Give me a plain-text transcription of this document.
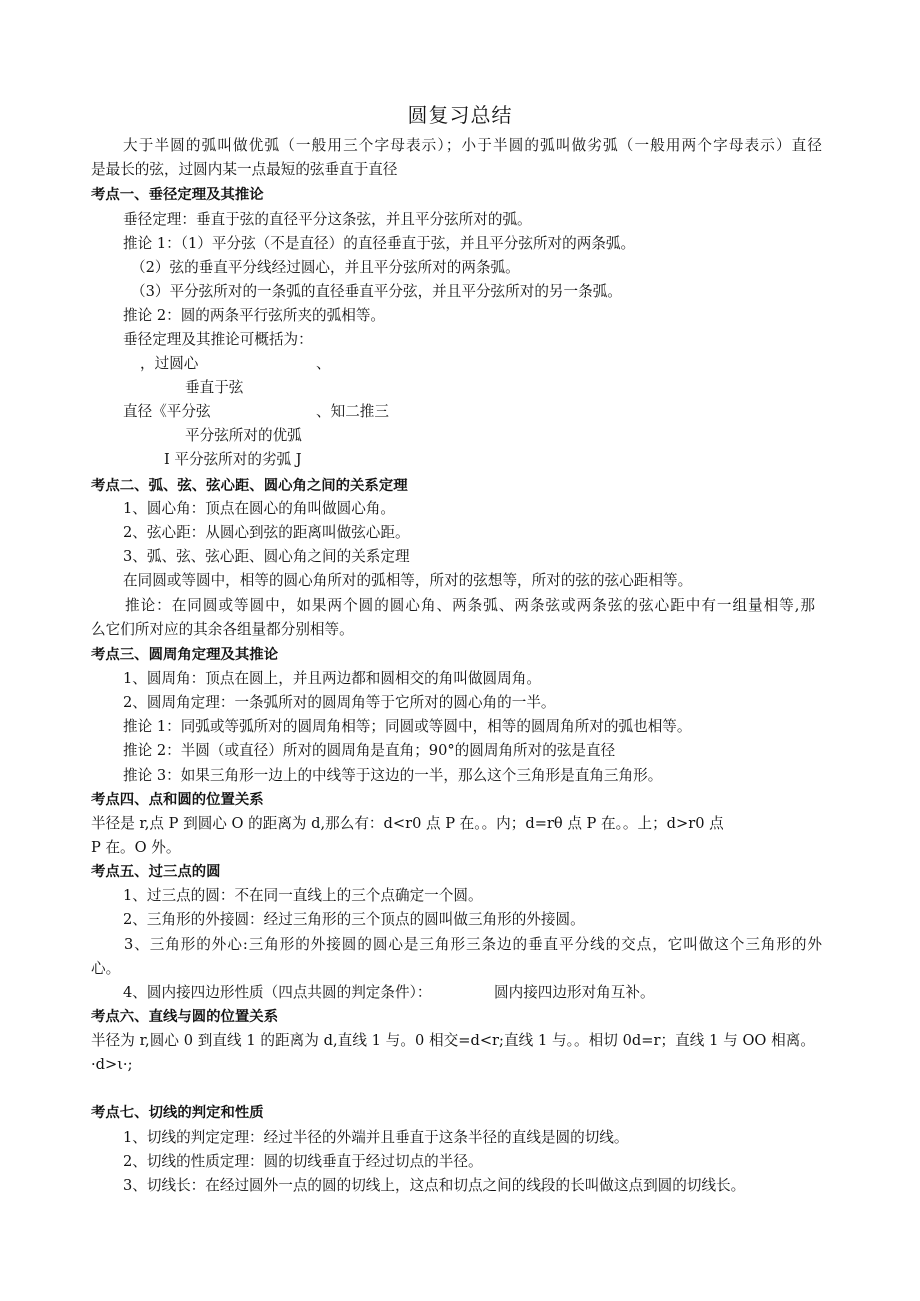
圆复习总结
大于半圆的弧叫做优弧（一般用三个字母表示）；小于半圆的弧叫做劣弧（一般用两个字母表示）直径
是最长的弦，过圆内某一点最短的弦垂直于直径
考点一、垂径定理及其推论
垂径定理：垂直于弦的直径平分这条弦，并且平分弦所对的弧。
推论 1：（1）平分弦（不是直径）的直径垂直于弦，并且平分弦所对的两条弧。
（2）弦的垂直平分线经过圆心，并且平分弦所对的两条弧。
（3）平分弦所对的一条弧的直径垂直平分弦，并且平分弦所对的另一条弧。
推论 2：圆的两条平行弦所夹的弧相等。
垂径定理及其推论可概括为：
，过圆心	、
垂直于弦
直径《平分弦	、知二推三
平分弦所对的优弧
I 平分弦所对的劣弧 J
考点二、弧、弦、弦心距、圆心角之间的关系定理
1、圆心角：顶点在圆心的角叫做圆心角。
2、弦心距：从圆心到弦的距离叫做弦心距。
3、弧、弦、弦心距、圆心角之间的关系定理
在同圆或等圆中，相等的圆心角所对的弧相等，所对的弦想等，所对的弦的弦心距相等。
推论：在同圆或等圆中，如果两个圆的圆心角、两条弧、两条弦或两条弦的弦心距中有一组量相等,那
么它们所对应的其余各组量都分别相等。
考点三、圆周角定理及其推论
1、圆周角：顶点在圆上，并且两边都和圆相交的角叫做圆周角。
2、圆周角定理：一条弧所对的圆周角等于它所对的圆心角的一半。
推论 1：同弧或等弧所对的圆周角相等；同圆或等圆中，相等的圆周角所对的弧也相等。
推论 2：半圆（或直径）所对的圆周角是直角；90°的圆周角所对的弦是直径
推论 3：如果三角形一边上的中线等于这边的一半，那么这个三角形是直角三角形。
考点四、点和圆的位置关系
半径是 r,点 P 到圆心 O 的距离为 d,那么有：d<r0 点 P 在。。内；d=rθ 点 P 在。。上；d>r0 点
P 在。O 外。
考点五、过三点的圆
1、过三点的圆：不在同一直线上的三个点确定一个圆。
2、三角形的外接圆：经过三角形的三个顶点的圆叫做三角形的外接圆。
3、三角形的外心:三角形的外接圆的圆心是三角形三条边的垂直平分线的交点，它叫做这个三角形的外
心。
4、圆内接四边形性质（四点共圆的判定条件）：	圆内接四边形对角互补。
考点六、直线与圆的位置关系
半径为 r,圆心 0 到直线 1 的距离为 d,直线 1 与。0 相交=d<r;直线 1 与。。相切 0d=r；直线 1 与 OO 相离。
·d>ι·;
考点七、切线的判定和性质
1、切线的判定定理：经过半径的外端并且垂直于这条半径的直线是圆的切线。
2、切线的性质定理：圆的切线垂直于经过切点的半径。
3、切线长：在经过圆外一点的圆的切线上，这点和切点之间的线段的长叫做这点到圆的切线长。
